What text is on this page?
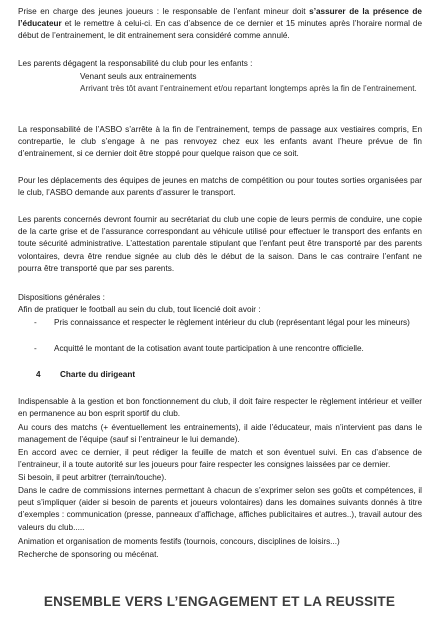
Prise en charge des jeunes joueurs : le responsable de l’enfant mineur doit s’assurer de la présence de l’éducateur et le remettre à celui-ci. En cas d’absence de ce dernier et 15 minutes après l’horaire normal de début de l’entrainement, le dit entrainement sera considéré comme annulé.

Les parents dégagent la responsabilité du club pour les enfants :

Venant seuls aux entrainements

Arrivant très tôt avant l’entrainement et/ou repartant longtemps après la fin de l’entrainement.

La responsabilité de l’ASBO s’arrête à la fin de l’entrainement, temps de passage aux vestiaires compris, En contrepartie, le club s’engage à ne pas renvoyez chez eux les enfants avant l’heure prévue de fin d’entrainement, si ce dernier doit être stoppé pour quelque raison que ce soit.

Pour les déplacements des équipes de jeunes en matchs de compétition ou pour toutes sorties organisées par le club, l’ASBO demande aux parents d’assurer le transport.

Les parents concernés devront fournir au secrétariat du club une copie de leurs permis de conduire, une copie de la carte grise et de l’assurance correspondant au véhicule utilisé pour effectuer le transport des enfants en toute sécurité administrative. L’attestation parentale stipulant que l’enfant peut être transporté par des parents volontaires, devra être rendue signée au club dès le début de la saison. Dans le cas contraire l’enfant ne pourra être transporté que par ses parents.

Dispositions générales :

Afin de pratiquer le football au sein du club, tout licencié doit avoir :

- Pris connaissance et respecter le règlement intérieur du club (représentant légal pour les mineurs)

- Acquitté le montant de la cotisation avant toute participation à une rencontre officielle.

4 Charte du dirigeant

Indispensable à la gestion et bon fonctionnement du club, il doit faire respecter le règlement intérieur et veiller en permanence au bon esprit sportif du club.

Au cours des matchs (+ éventuellement les entrainements), il aide l’éducateur, mais n’intervient pas dans le management de l’équipe (sauf si l’entraineur le lui demande).

En accord avec ce dernier, il peut rédiger la feuille de match et son éventuel suivi. En cas d’absence de l’entraineur, il a toute autorité sur les joueurs pour faire respecter les consignes laissées par ce dernier.

Si besoin, il peut arbitrer (terrain/touche).

Dans le cadre de commissions internes permettant à chacun de s’exprimer selon ses goûts et compétences, il peut s’impliquer (aider si besoin de parents et joueurs volontaires) dans les domaines suivants donnés à titre d’exemples : communication (presse, panneaux d’affichage, affiches publicitaires et autres..), travail autour des valeurs du club.....

Animation et organisation de moments festifs (tournois, concours, disciplines de loisirs...)

Recherche de sponsoring ou mécénat.

ENSEMBLE VERS L’ENGAGEMENT ET LA REUSSITE
